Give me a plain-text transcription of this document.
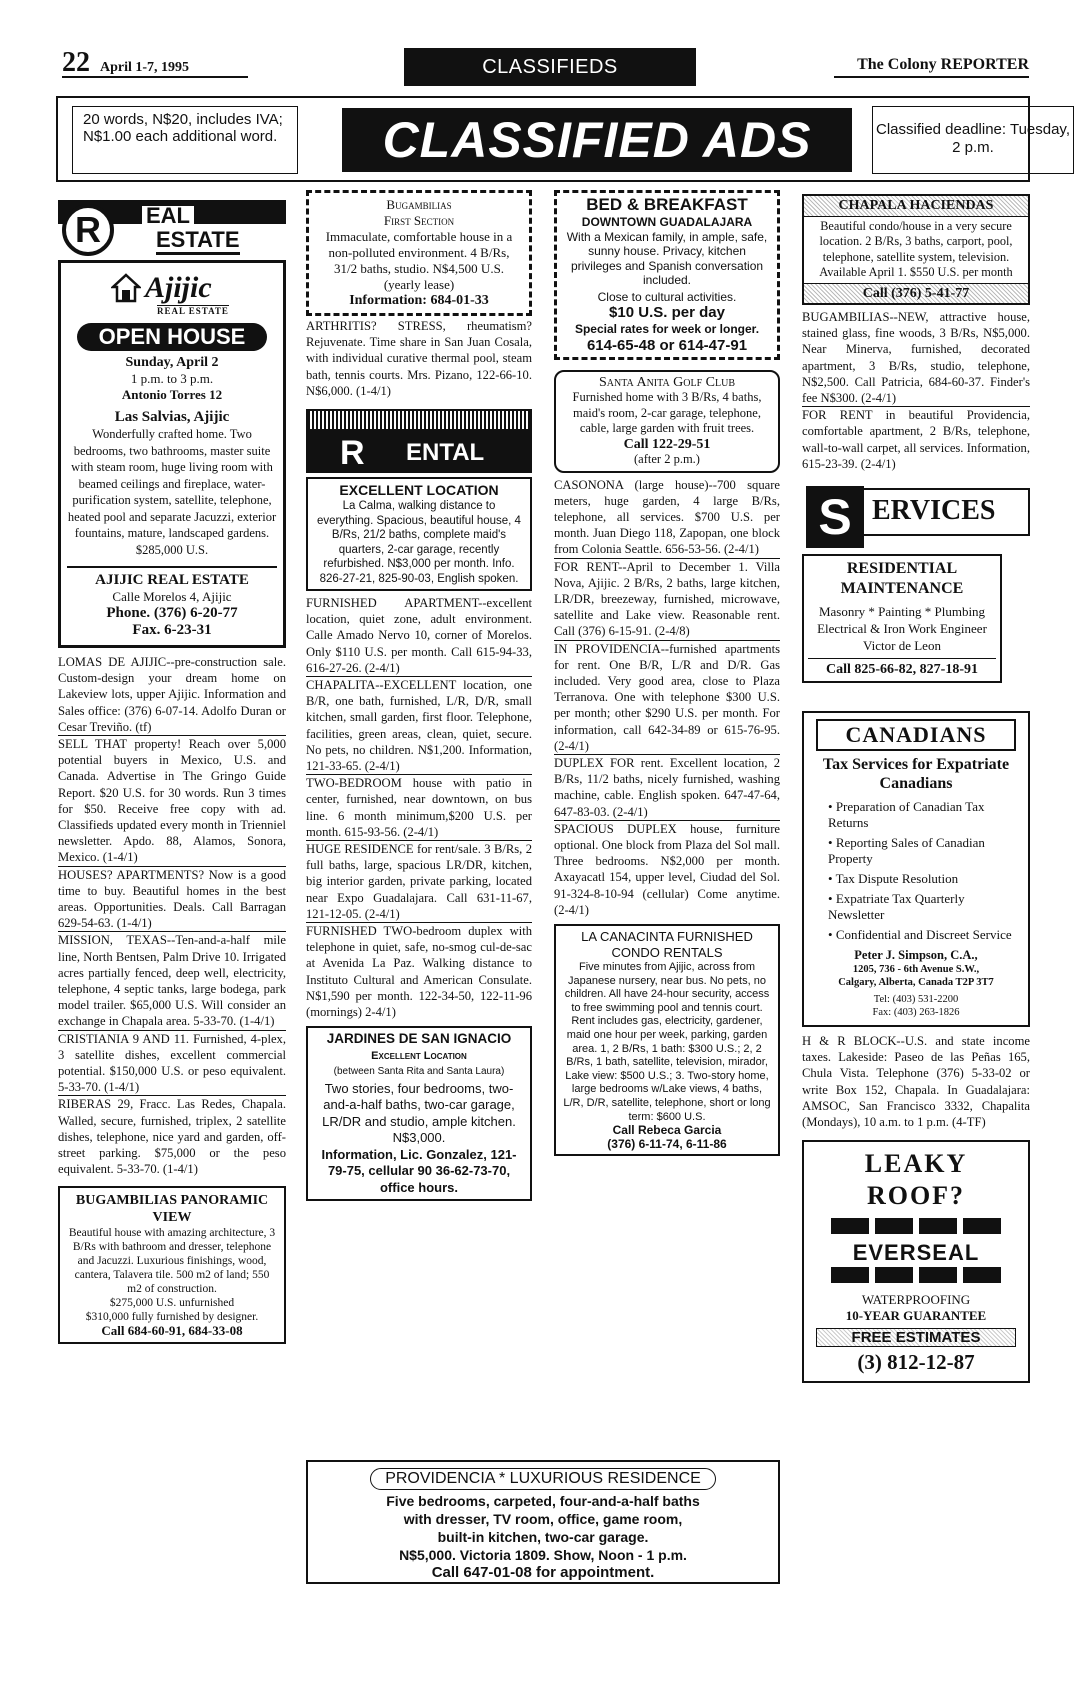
22 April 1-7, 1995	CLASSIFIEDS	The Colony REPORTER
20 words, N$20, includes IVA; N$1.00 each additional word.	CLASSIFIED ADS	Classified deadline: Tuesday, 2 p.m.
R	EAL
ESTATE
Ajijic
REAL ESTATE
OPEN HOUSE
Sunday, April 2
1 p.m. to 3 p.m.
Antonio Torres 12
Las Salvias, Ajijic
Wonderfully crafted home. Two bedrooms, two bathrooms, master suite with steam room, huge living room with beamed ceilings and fireplace, water-purification system, satellite, telephone, heated pool and separate Jacuzzi, exterior fountains, mature, landscaped gardens. $285,000 U.S.
AJIJIC REAL ESTATE
Calle Morelos 4, Ajijic
Phone. (376) 6-20-77
Fax. 6-23-31

LOMAS DE AJIJIC--pre-construction sale. Custom-design your dream home on Lakeview lots, upper Ajijic. Information and Sales office: (376) 6-07-14. Adolfo Duran or Cesar Treviño. (tf)

SELL THAT property! Reach over 5,000 potential buyers in Mexico, U.S. and Canada. Advertise in The Gringo Guide Report. $20 U.S. for 30 words. Run 3 times for $50. Receive free copy with ad. Classifieds updated every month in Trienniel newsletter. Apdo. 88, Alamos, Sonora, Mexico. (1-4/1)

HOUSES? APARTMENTS? Now is a good time to buy. Beautiful homes in the best areas. Opportunities. Deals. Call Barragan 629-54-63. (1-4/1)

MISSION, TEXAS--Ten-and-a-half mile line, North Bentsen, Palm Drive 10. Irrigated acres partially fenced, deep well, electricity, telephone, 4 septic tanks, large bodega, park model trailer. $65,000 U.S. Will consider an exchange in Chapala area. 5-33-70. (1-4/1)

CRISTIANIA 9 AND 11. Furnished, 4-plex, 3 satellite dishes, excellent commercial potential. $150,000 U.S. or peso equivalent. 5-33-70. (1-4/1)

RIBERAS 29, Fracc. Las Redes, Chapala. Walled, secure, furnished, triplex, 2 satellite dishes, telephone, nice yard and garden, off-street parking. $75,000 or the peso equivalent. 5-33-70. (1-4/1)

BUGAMBILIAS PANORAMIC VIEW
Beautiful house with amazing architecture, 3 B/Rs with bathroom and dresser, telephone and Jacuzzi. Luxurious finishings, wood, cantera, Talavera tile. 500 m2 of land; 550 m2 of construction.
$275,000 U.S. unfurnished
$310,000 fully furnished by designer.
Call 684-60-91, 684-33-08
Bugambilias
First Section
Immaculate, comfortable house in a non-polluted environment. 4 B/Rs, 31/2 baths, studio. N$4,500 U.S. (yearly lease)
Information: 684-01-33

ARTHRITIS? STRESS, rheumatism? Rejuvenate. Time share in San Juan Cosala, with individual curative thermal pool, steam bath, tennis courts. Mrs. Pizano, 122-66-10. N$6,000. (1-4/1)

R ENTAL
EXCELLENT LOCATION
La Calma, walking distance to everything. Spacious, beautiful house, 4 B/Rs, 21/2 baths, complete maid's quarters, 2-car garage, recently refurbished. N$3,000 per month. Info. 826-27-21, 825-90-03, English spoken.

FURNISHED APARTMENT--excellent location, quiet zone, adult environment. Calle Amado Nervo 10, corner of Morelos. Only $110 U.S. per month. Call 615-94-33, 616-27-26. (2-4/1)

CHAPALITA--EXCELLENT location, one B/R, one bath, furnished, L/R, D/R, small kitchen, small garden, first floor. Telephone, facilities, green areas, clean, quiet, secure. No pets, no children. N$1,200. Information, 121-33-65. (2-4/1)

TWO-BEDROOM house with patio in center, furnished, near downtown, on bus line. 6 month minimum,$200 U.S. per month. 615-93-56. (2-4/1)

HUGE RESIDENCE for rent/sale. 3 B/Rs, 2 full baths, large, spacious LR/DR, kitchen, big interior garden, private parking, located near Expo Guadalajara. Call 631-11-67, 121-12-05. (2-4/1)

FURNISHED TWO-bedroom duplex with telephone in quiet, safe, no-smog cul-de-sac at Avenida La Paz. Walking distance to Instituto Cultural and American Consulate. N$1,590 per month. 122-34-50, 122-11-96 (mornings) 2-4/1)

JARDINES DE SAN IGNACIO
Excellent Location
(between Santa Rita and Santa Laura)
Two stories, four bedrooms, two-and-a-half baths, two-car garage, LR/DR and studio, ample kitchen. N$3,000.
Information, Lic. Gonzalez, 121-79-75, cellular 90 36-62-73-70, office hours.
BED & BREAKFAST
DOWNTOWN GUADALAJARA
With a Mexican family, in ample, safe, sunny house. Privacy, kitchen privileges and Spanish conversation included.
Close to cultural activities.
$10 U.S. per day
Special rates for week or longer.
614-65-48 or 614-47-91
Santa Anita Golf Club
Furnished home with 3 B/Rs, 4 baths, maid's room, 2-car garage, telephone, cable, large garden with fruit trees.
Call 122-29-51
(after 2 p.m.)

CASONONA (large house)--700 square meters, huge garden, 4 large B/Rs, telephone, all services. $700 U.S. per month. Juan Diego 118, Zapopan, one block from Colonia Seattle. 656-53-56. (2-4/1)

FOR RENT--April to December 1. Villa Nova, Ajijic. 2 B/Rs, 2 baths, large kitchen, LR/DR, breezeway, furnished, microwave, satellite and Lake view. Reasonable rent. Call (376) 6-15-91. (2-4/8)

IN PROVIDENCIA--furnished apartments for rent. One B/R, L/R and D/R. Gas included. Very good area, close to Plaza Terranova. One with telephone $300 U.S. per month; other $290 U.S. per month. For information, call 642-34-89 or 615-76-95. (2-4/1)

DUPLEX FOR rent. Excellent location, 2 B/Rs, 11/2 baths, nicely furnished, washing machine, cable. English spoken. 647-47-64, 647-83-03. (2-4/1)

SPACIOUS DUPLEX house, furniture optional. One block from Plaza del Sol mall. Three bedrooms. N$2,000 per month. Axayacatl 154, upper level, Ciudad del Sol. 91-324-8-10-94 (cellular) Come anytime. (2-4/1)

LA CANACINTA FURNISHED
CONDO RENTALS
Five minutes from Ajijic, across from Japanese nursery, near bus. No pets, no children. All have 24-hour security, access to free swimming pool and tennis court. Rent includes gas, electricity, gardener, maid one hour per week, parking, garden area. 1, 2 B/Rs, 1 bath: $300 U.S.; 2, 2 B/Rs, 1 bath, satellite, television, mirador, Lake view: $500 U.S.; 3. Two-story home, large bedrooms w/Lake views, 4 baths, L/R, D/R, satellite, telephone, short or long term: $600 U.S.
Call Rebeca Garcia
(376) 6-11-74, 6-11-86
PROVIDENCIA * LUXURIOUS RESIDENCE
Five bedrooms, carpeted, four-and-a-half baths
with dresser, TV room, office, game room,
built-in kitchen, two-car garage.
N$5,000. Victoria 1809. Show, Noon - 1 p.m.
Call 647-01-08 for appointment.
CHAPALA HACIENDAS
Beautiful condo/house in a very secure location. 2 B/Rs, 3 baths, carport, pool, telephone, satellite system, television. Available April 1. $550 U.S. per month
Call (376) 5-41-77

BUGAMBILIAS--NEW, attractive house, stained glass, fine woods, 3 B/Rs, N$5,000. Near Minerva, furnished, decorated apartment, 3 B/Rs, studio, telephone, N$2,500. Call Patricia, 684-60-37. Finder's fee N$300. (2-4/1)

FOR RENT in beautiful Providencia, comfortable apartment, 2 B/Rs, telephone, wall-to-wall carpet, all services. Information, 615-23-39. (2-4/1)

S ERVICES
RESIDENTIAL
MAINTENANCE
Masonry * Painting * Plumbing Electrical & Iron Work Engineer Victor de Leon
Call 825-66-82, 827-18-91
CANADIANS
Tax Services for Expatriate Canadians
• Preparation of Canadian Tax Returns
• Reporting Sales of Canadian Property
• Tax Dispute Resolution
• Expatriate Tax Quarterly Newsletter
• Confidential and Discreet Service
Peter J. Simpson, C.A.,
1205, 736 - 6th Avenue S.W.,
Calgary, Alberta, Canada T2P 3T7
Tel: (403) 531-2200
Fax: (403) 263-1826

H & R BLOCK--U.S. and state income taxes. Lakeside: Paseo de las Peñas 165, Chula Vista. Telephone (376) 5-33-02 or write Box 152, Chapala. In Guadalajara: AMSOC, San Francisco 3332, Chapalita (Mondays), 10 a.m. to 1 p.m. (4-TF)

LEAKY
ROOF?
EVERSEAL
WATERPROOFING
10-YEAR GUARANTEE
FREE ESTIMATES
(3) 812-12-87
